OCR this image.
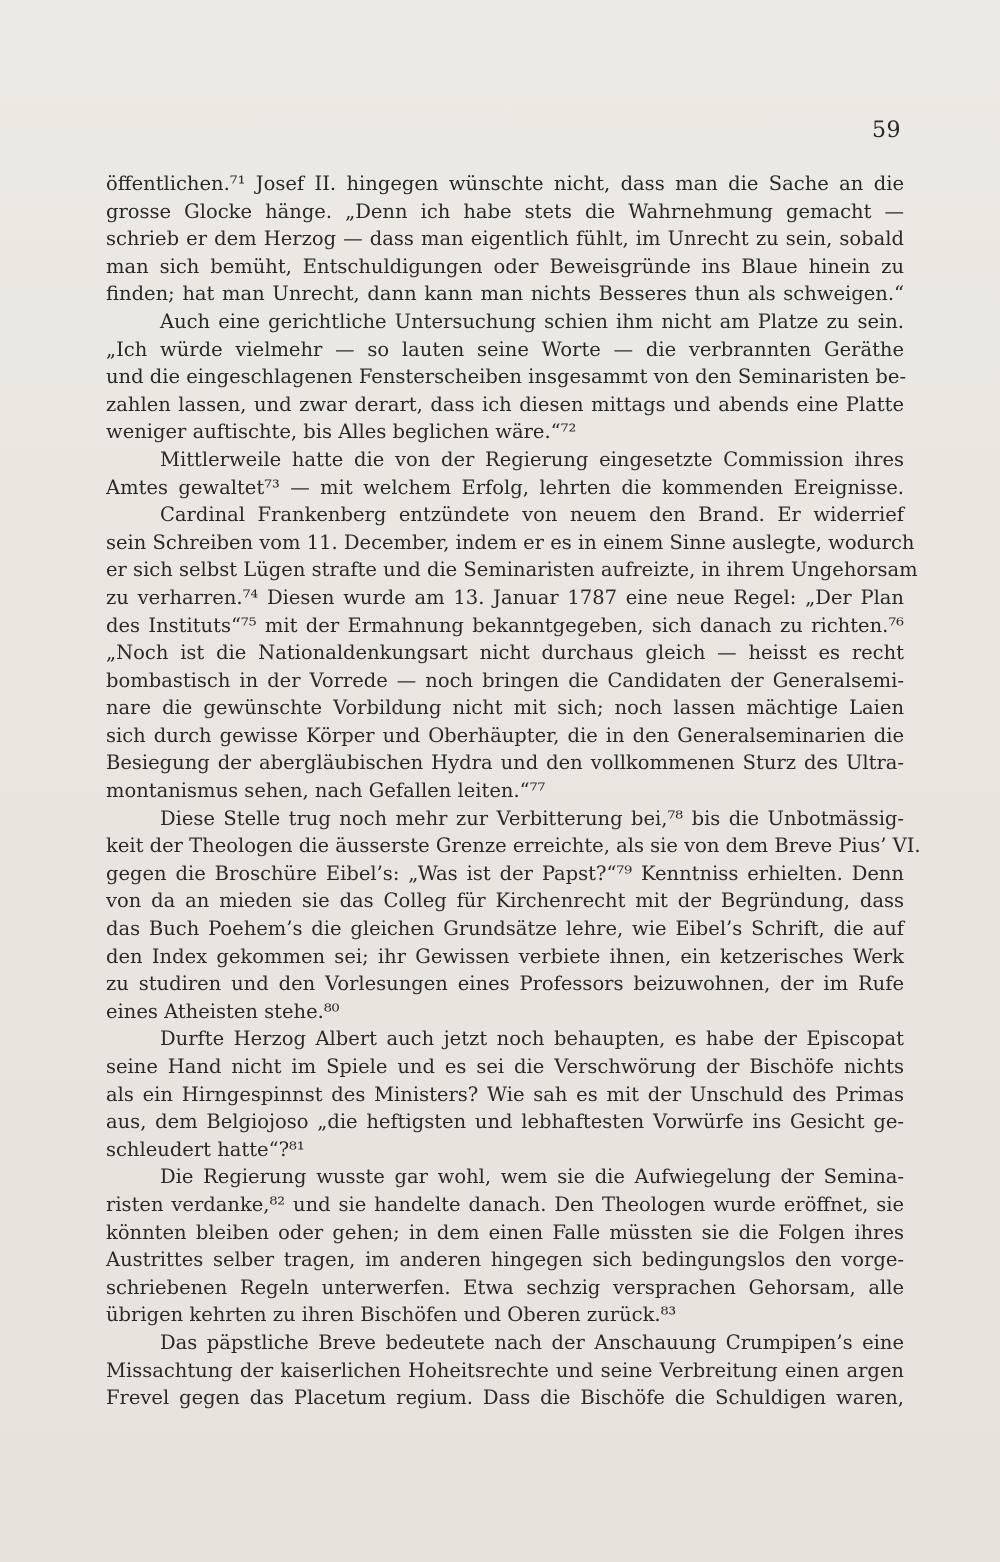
59
öffentlichen.⁷¹ Josef II. hingegen wünschte nicht, dass man die Sache an die
grosse Glocke hänge. „Denn ich habe stets die Wahrnehmung gemacht —
schrieb er dem Herzog — dass man eigentlich fühlt, im Unrecht zu sein, sobald
man sich bemüht, Entschuldigungen oder Beweisgründe ins Blaue hinein zu
finden; hat man Unrecht, dann kann man nichts Besseres thun als schweigen.“
Auch eine gerichtliche Untersuchung schien ihm nicht am Platze zu sein.
„Ich würde vielmehr — so lauten seine Worte — die verbrannten Geräthe
und die eingeschlagenen Fensterscheiben insgesammt von den Seminaristen be-
zahlen lassen, und zwar derart, dass ich diesen mittags und abends eine Platte
weniger auftischte, bis Alles beglichen wäre.“⁷²
Mittlerweile hatte die von der Regierung eingesetzte Commission ihres
Amtes gewaltet⁷³ — mit welchem Erfolg, lehrten die kommenden Ereignisse.
Cardinal Frankenberg entzündete von neuem den Brand. Er widerrief
sein Schreiben vom 11. December, indem er es in einem Sinne auslegte, wodurch
er sich selbst Lügen strafte und die Seminaristen aufreizte, in ihrem Ungehorsam
zu verharren.⁷⁴ Diesen wurde am 13. Januar 1787 eine neue Regel: „Der Plan
des Instituts“⁷⁵ mit der Ermahnung bekanntgegeben, sich danach zu richten.⁷⁶
„Noch ist die Nationaldenkungsart nicht durchaus gleich — heisst es recht
bombastisch in der Vorrede — noch bringen die Candidaten der Generalsemi-
nare die gewünschte Vorbildung nicht mit sich; noch lassen mächtige Laien
sich durch gewisse Körper und Oberhäupter, die in den Generalseminarien die
Besiegung der abergläubischen Hydra und den vollkommenen Sturz des Ultra-
montanismus sehen, nach Gefallen leiten.“⁷⁷
Diese Stelle trug noch mehr zur Verbitterung bei,⁷⁸ bis die Unbotmässig-
keit der Theologen die äusserste Grenze erreichte, als sie von dem Breve Pius’ VI.
gegen die Broschüre Eibel’s: „Was ist der Papst?“⁷⁹ Kenntniss erhielten. Denn
von da an mieden sie das Colleg für Kirchenrecht mit der Begründung, dass
das Buch Poehem’s die gleichen Grundsätze lehre, wie Eibel’s Schrift, die auf
den Index gekommen sei; ihr Gewissen verbiete ihnen, ein ketzerisches Werk
zu studiren und den Vorlesungen eines Professors beizuwohnen, der im Rufe
eines Atheisten stehe.⁸⁰
Durfte Herzog Albert auch jetzt noch behaupten, es habe der Episcopat
seine Hand nicht im Spiele und es sei die Verschwörung der Bischöfe nichts
als ein Hirngespinnst des Ministers? Wie sah es mit der Unschuld des Primas
aus, dem Belgiojoso „die heftigsten und lebhaftesten Vorwürfe ins Gesicht ge-
schleudert hatte“?⁸¹
Die Regierung wusste gar wohl, wem sie die Aufwiegelung der Semina-
risten verdanke,⁸² und sie handelte danach. Den Theologen wurde eröffnet, sie
könnten bleiben oder gehen; in dem einen Falle müssten sie die Folgen ihres
Austrittes selber tragen, im anderen hingegen sich bedingungslos den vorge-
schriebenen Regeln unterwerfen. Etwa sechzig versprachen Gehorsam, alle
übrigen kehrten zu ihren Bischöfen und Oberen zurück.⁸³
Das päpstliche Breve bedeutete nach der Anschauung Crumpipen’s eine
Missachtung der kaiserlichen Hoheitsrechte und seine Verbreitung einen argen
Frevel gegen das Placetum regium. Dass die Bischöfe die Schuldigen waren,
